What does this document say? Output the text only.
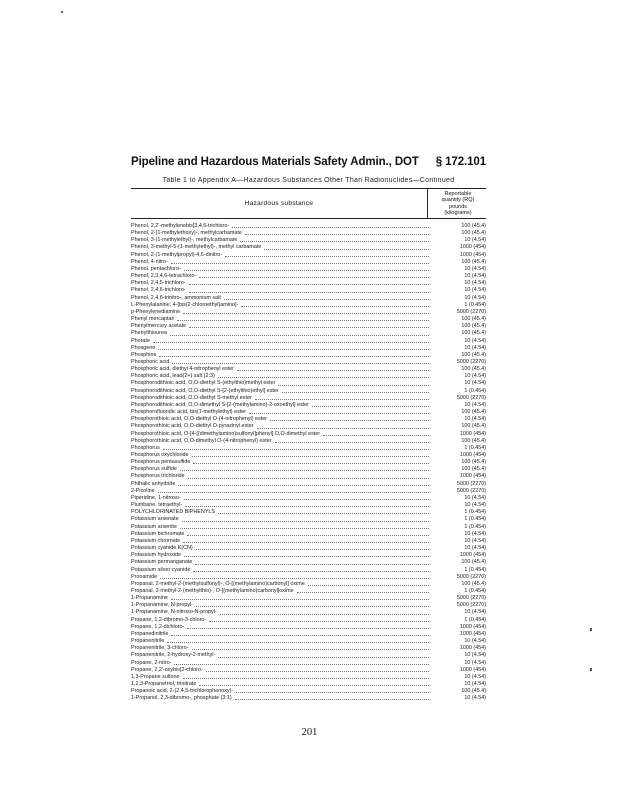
Pipeline and Hazardous Materials Safety Admin., DOT § 172.101
Table 1 to Appendix A—Hazardous Substances Other Than Radionuclides—Continued
Hazardous substance
Reportable
quantity (RQ)
pounds
(kilograms)
Phenol, 2,2'-methylenebis[3,4,6-trichloro-	100 (45.4)
Phenol, 2-(1-methylethoxy)-, methylcarbamate	100 (45.4)
Phenol, 3-(1-methylethyl)-, methylcarbamate	10 (4.54)
Phenol, 3-methyl-5-(1-methylethyl)-, methyl carbamate	1000 (454)
Phenol, 2-(1-methylpropyl)-4,6-dinitro-	1000 (454)
Phenol, 4-nitro-	100 (45.4)
Phenol, pentachloro-	10 (4.54)
Phenol, 2,3,4,6-tetrachloro-	10 (4.54)
Phenol, 2,4,5-trichloro-	10 (4.54)
Phenol, 2,4,6-trichloro-	10 (4.54)
Phenol, 2,4,6-trinitro-, ammonium salt	10 (4.54)
L-Phenylalanine, 4-[bis(2-chloroethyl)amino]-	1 (0.454)
p-Phenylenediamine	5000 (2270)
Phenyl mercaptan	100 (45.4)
Phenylmercury acetate	100 (45.4)
Phenylthiourea	100 (45.4)
Phorate	10 (4.54)
Phosgene	10 (4.54)
Phosphine	100 (45.4)
Phosphoric acid	5000 (2270)
Phosphoric acid, diethyl 4-nitrophenyl ester	100 (45.4)
Phosphoric acid, lead(2+) salt (2:3)	10 (4.54)
Phosphorodithioic acid, O,O-diethyl S-(ethylthio)methyl ester	10 (4.54)
Phosphorodithioic acid, O,O-diethyl S-[2-(ethylthio)ethyl] ester	1 (0.454)
Phosphorodithioic acid, O,O-diethyl S-methyl ester	5000 (2270)
Phosphorodithioic acid, O,O-dimethyl S-[2-(methylamino)-2-oxoethyl] ester	10 (4.54)
Phosphorofluoridic acid, bis(1-methylethyl) ester	100 (45.4)
Phosphorothioic acid, O,O-diethyl O-(4-nitrophenyl) ester	10 (4.54)
Phosphorothioic acid, O,O-diethyl O-pyrazinyl ester	100 (45.4)
Phosphorothioic acid, O-[4-[(dimethylamino)sulfonyl]phenyl] O,O-dimethyl ester	1000 (454)
Phosphorothioic acid, O,O-dimethyl O-(4-nitrophenyl) ester	100 (45.4)
Phosphorus	1 (0.454)
Phosphorus oxychloride	1000 (454)
Phosphorus pentasulfide	100 (45.4)
Phosphorus sulfide	100 (45.4)
Phosphorus trichloride	1000 (454)
Phthalic anhydride	5000 (2270)
2-Picoline	5000 (2270)
Piperidine, 1-nitroso-	10 (4.54)
Plumbane, tetraethyl-	10 (4.54)
POLYCHLORINATED BIPHENYLS	1 (0.454)
Potassium arsenate	1 (0.454)
Potassium arsenite	1 (0.454)
Potassium bichromate	10 (4.54)
Potassium chromate	10 (4.54)
Potassium cyanide K(CN)	10 (4.54)
Potassium hydroxide	1000 (454)
Potassium permanganate	100 (45.4)
Potassium silver cyanide	1 (0.454)
Pronamide	5000 (2270)
Propanal, 2-methyl-2-(methylsulfonyl)-, O-[(methylamino)carbonyl] oxime	100 (45.4)
Propanal, 2-methyl-2-(methylthio)-, O-[(methylamino)carbonyl]oxime	1 (0.454)
1-Propanamine	5000 (2270)
1-Propanamine, N-propyl-	5000 (2270)
1-Propanamine, N-nitroso-N-propyl-	10 (4.54)
Propane, 1,2-dibromo-3-chloro-	1 (0.454)
Propane, 1,2-dichloro-	1000 (454)
Propanedinitrile	1000 (454)
Propanenitrile	10 (4.54)
Propanenitrile, 3-chloro-	1000 (454)
Propanenitrile, 2-hydroxy-2-methyl-	10 (4.54)
Propane, 2-nitro-	10 (4.54)
Propane, 2,2'-oxybis[2-chloro-	1000 (454)
1,3-Propane sultone	10 (4.54)
1,2,3-Propanetriol, trinitrate	10 (4.54)
Propanoic acid, 2-(2,4,5-trichlorophenoxy)-	100 (45.4)
1-Propanol, 2,3-dibromo-, phosphate (3:1)	10 (4.54)
201
